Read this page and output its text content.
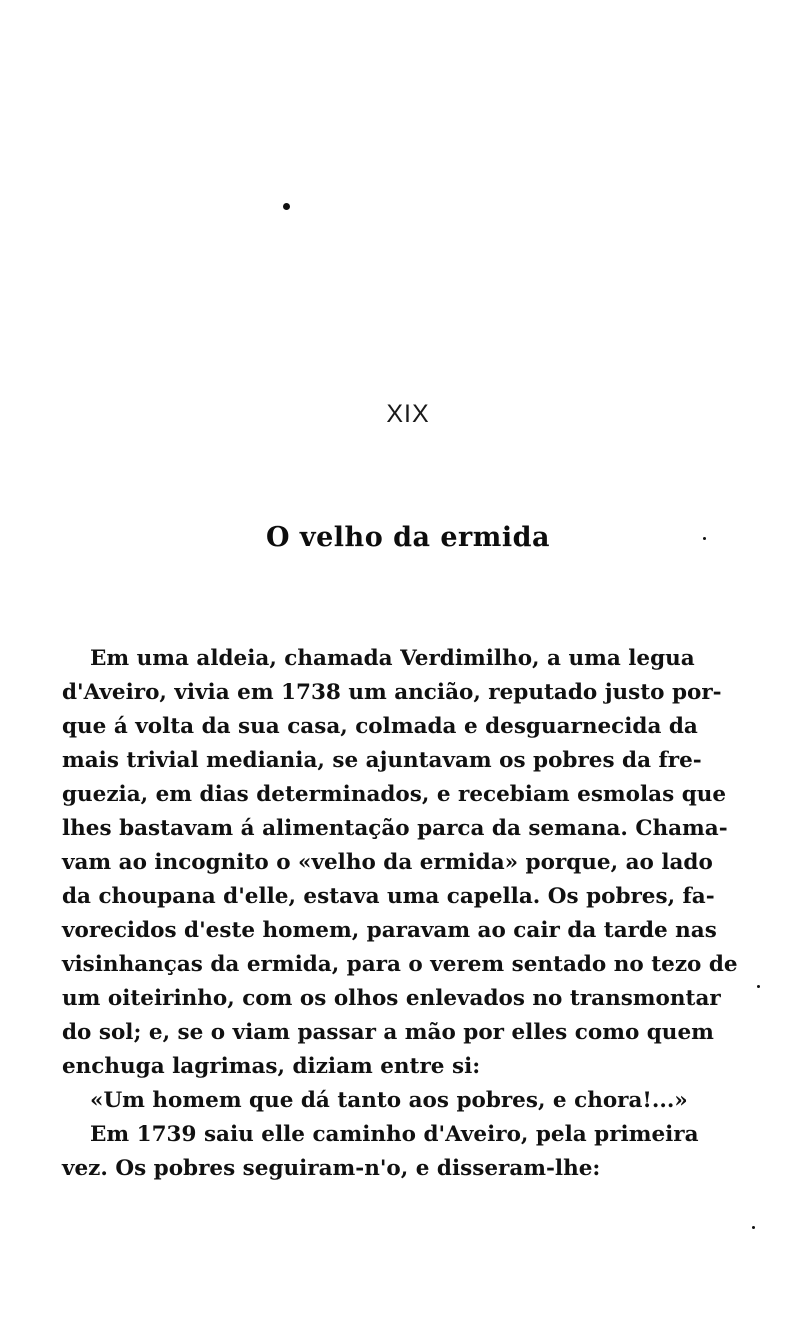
XIX
O velho da ermida
Em uma aldeia, chamada Verdimilho, a uma legua
d'Aveiro, vivia em 1738 um ancião, reputado justo por-
que á volta da sua casa, colmada e desguarnecida da
mais trivial mediania, se ajuntavam os pobres da fre-
guezia, em dias determinados, e recebiam esmolas que
lhes bastavam á alimentação parca da semana. Chama-
vam ao incognito o «velho da ermida» porque, ao lado
da choupana d'elle, estava uma capella. Os pobres, fa-
vorecidos d'este homem, paravam ao cair da tarde nas
visinhanças da ermida, para o verem sentado no tezo de
um oiteirinho, com os olhos enlevados no transmontar
do sol; e, se o viam passar a mão por elles como quem
enchuga lagrimas, diziam entre si:
«Um homem que dá tanto aos pobres, e chora!...»
Em 1739 saiu elle caminho d'Aveiro, pela primeira
vez. Os pobres seguiram-n'o, e disseram-lhe:
